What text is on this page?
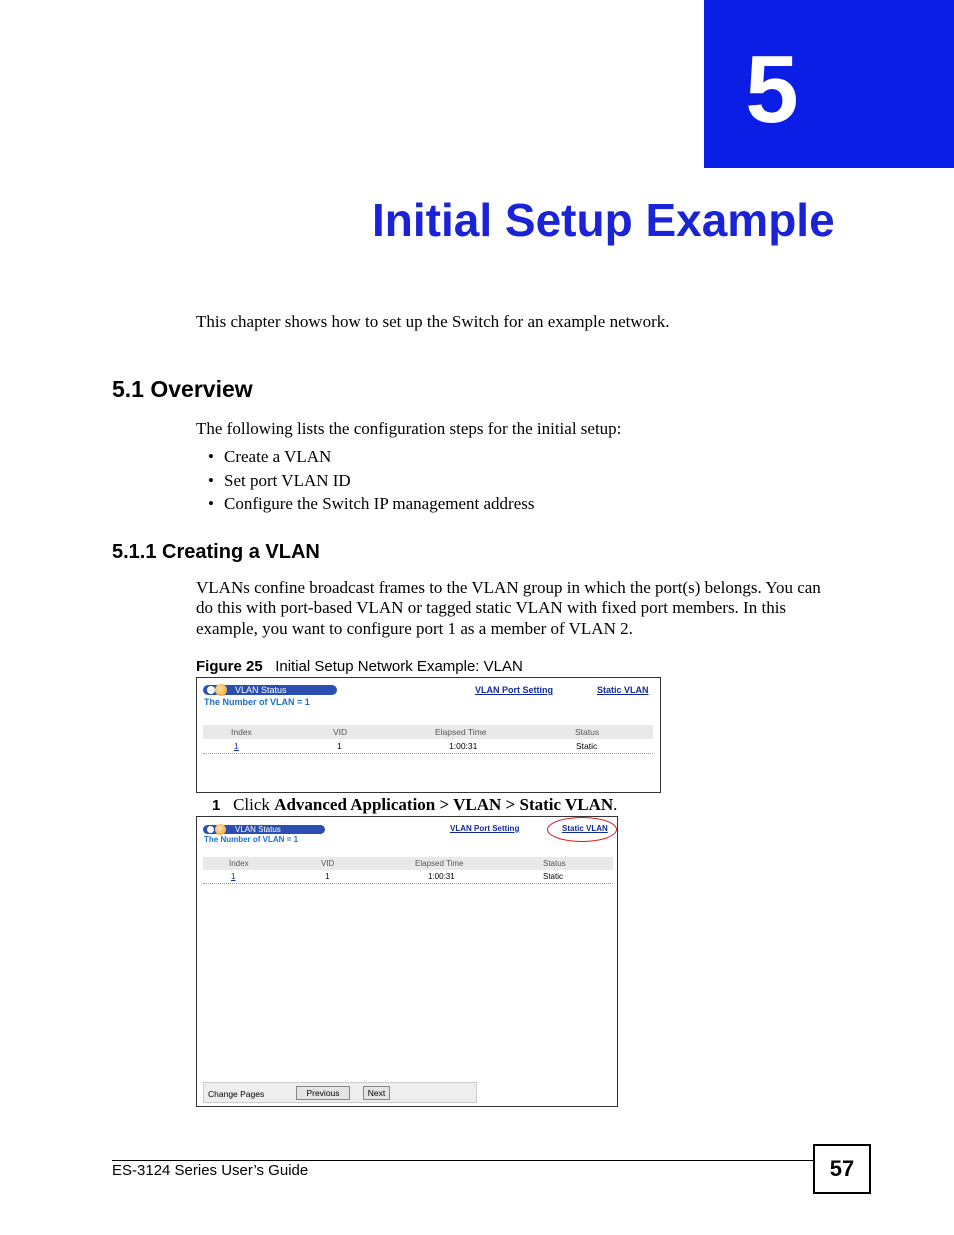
5
Initial Setup Example
This chapter shows how to set up the Switch for an example network.
5.1 Overview
The following lists the configuration steps for the initial setup:
• Create a VLAN
• Set port VLAN ID
• Configure the Switch IP management address
5.1.1 Creating a VLAN
VLANs confine broadcast frames to the VLAN group in which the port(s) belongs. You can
do this with port-based VLAN or tagged static VLAN with fixed port members. In this
example, you want to configure port 1 as a member of VLAN 2.
Figure 25 Initial Setup Network Example: VLAN
VLAN Status
The Number of VLAN = 1
VLAN Port Setting	Static VLAN
Index	VID	Elapsed Time	Status
1	1	1:00:31	Static
1 Click Advanced Application > VLAN > Static VLAN.
VLAN Status
The Number of VLAN = 1
VLAN Port Setting	Static VLAN
Index	VID	Elapsed Time	Status
1	1	1:00:31	Static
Change Pages	Previous	Next
ES-3124 Series User’s Guide	57
